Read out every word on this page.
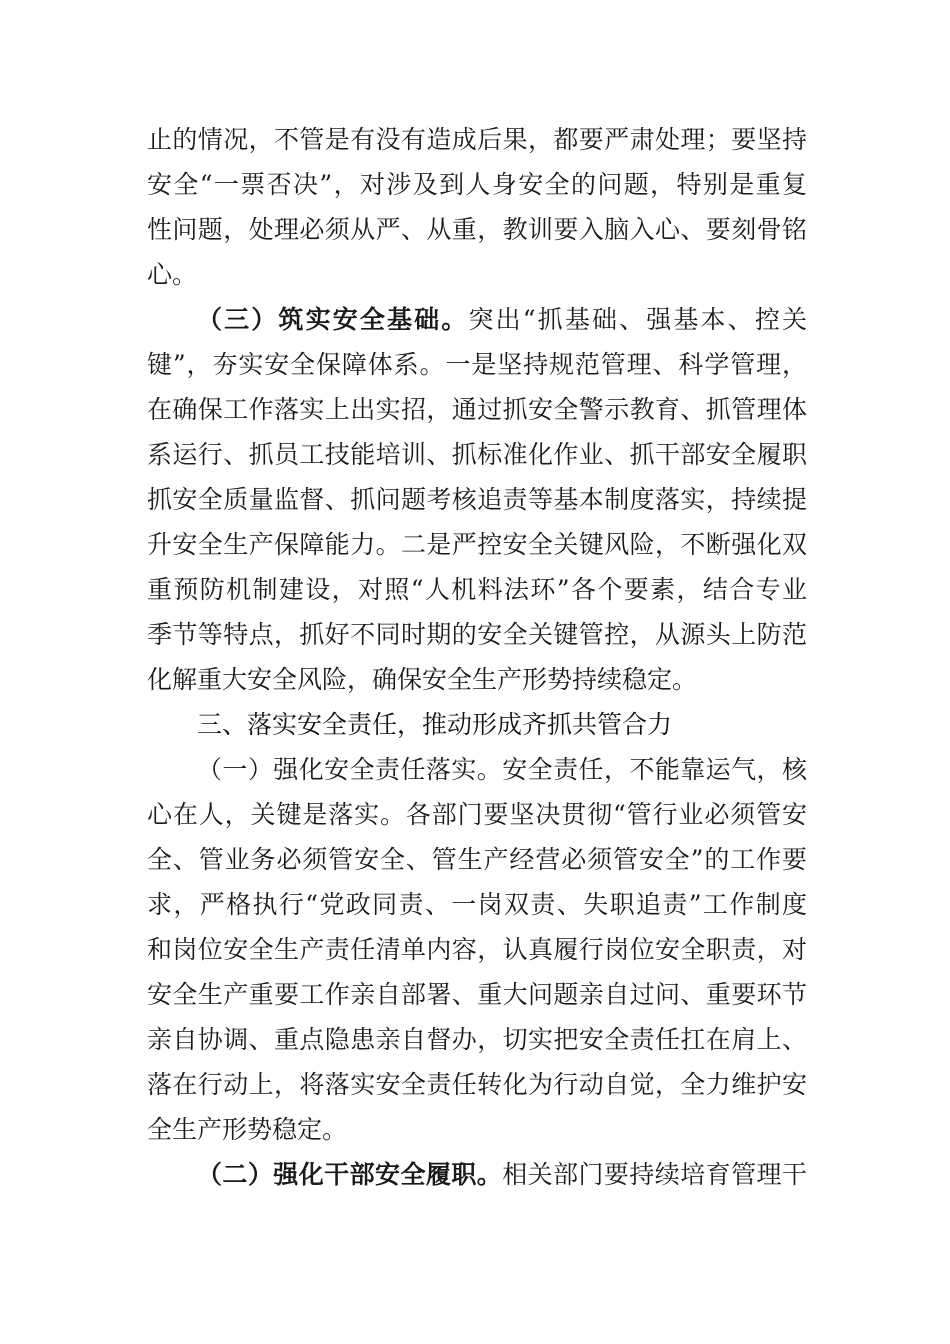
止的情况，不管是有没有造成后果，都要严肃处理；要坚持
安全“一票否决”，对涉及到人身安全的问题，特别是重复
性问题，处理必须从严、从重，教训要入脑入心、要刻骨铭
心。
（三）筑实安全基础。突出“抓基础、强基本、控关
键”，夯实安全保障体系。一是坚持规范管理、科学管理，
在确保工作落实上出实招，通过抓安全警示教育、抓管理体
系运行、抓员工技能培训、抓标准化作业、抓干部安全履职
抓安全质量监督、抓问题考核追责等基本制度落实，持续提
升安全生产保障能力。二是严控安全关键风险，不断强化双
重预防机制建设，对照“人机料法环”各个要素，结合专业
季节等特点，抓好不同时期的安全关键管控，从源头上防范
化解重大安全风险，确保安全生产形势持续稳定。
三、落实安全责任，推动形成齐抓共管合力
（一）强化安全责任落实。安全责任，不能靠运气，核
心在人，关键是落实。各部门要坚决贯彻“管行业必须管安
全、管业务必须管安全、管生产经营必须管安全”的工作要
求，严格执行“党政同责、一岗双责、失职追责”工作制度
和岗位安全生产责任清单内容，认真履行岗位安全职责，对
安全生产重要工作亲自部署、重大问题亲自过问、重要环节
亲自协调、重点隐患亲自督办，切实把安全责任扛在肩上、
落在行动上，将落实安全责任转化为行动自觉，全力维护安
全生产形势稳定。
（二）强化干部安全履职。相关部门要持续培育管理干
